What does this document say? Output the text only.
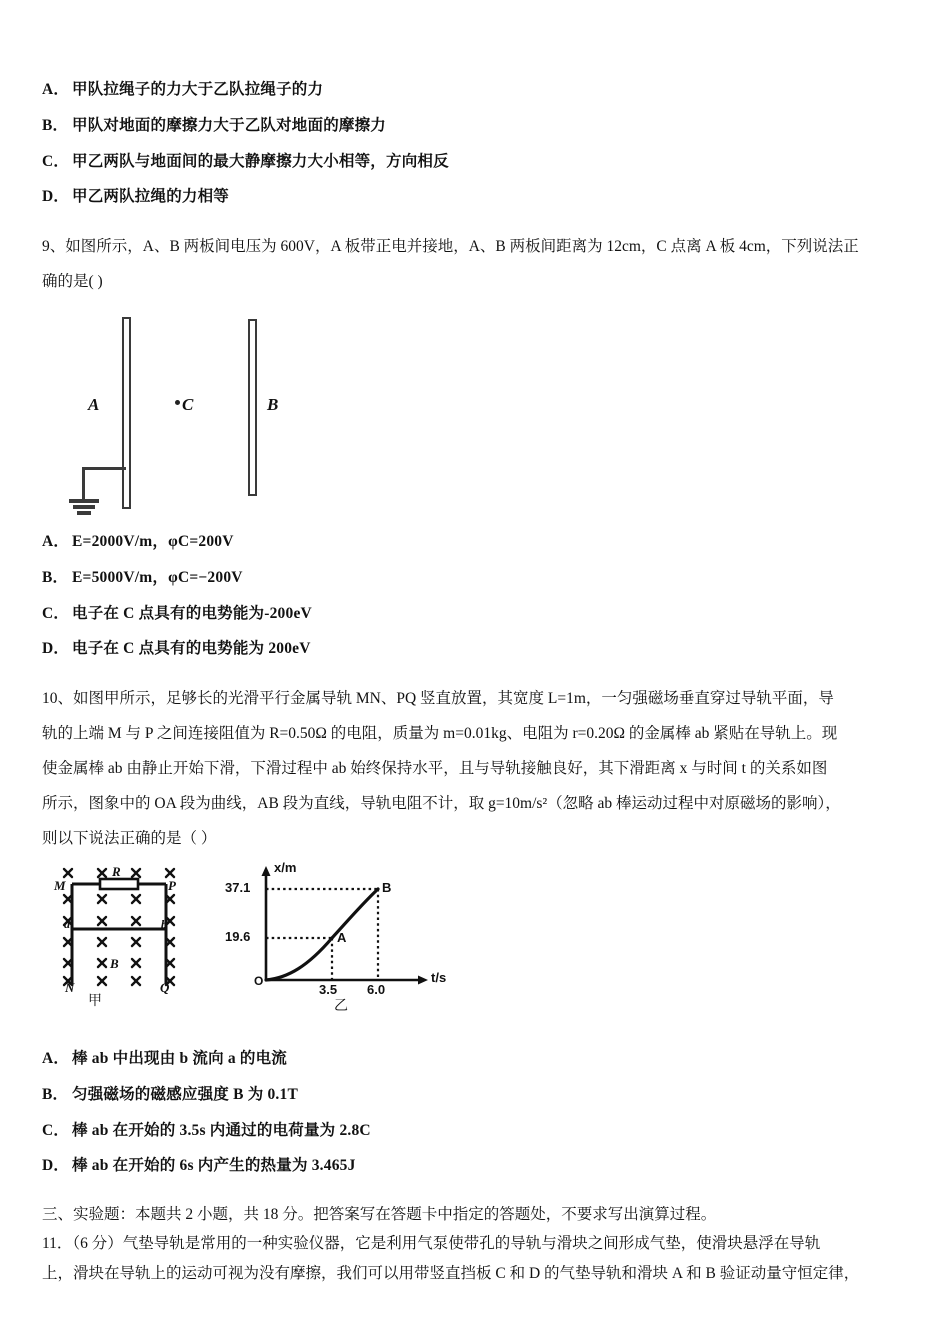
A． 甲队拉绳子的力大于乙队拉绳子的力
B． 甲队对地面的摩擦力大于乙队对地面的摩擦力
C． 甲乙两队与地面间的最大静摩擦力大小相等，方向相反
D． 甲乙两队拉绳的力相等
9、如图所示，A、B 两板间电压为 600V，A 板带正电并接地，A、B 两板间距离为 12cm，C 点离 A 板 4cm，下列说法正
确的是( )
A	B
C
A． E=2000V/m，φC=200V
B． E=5000V/m，φC=−200V
C． 电子在 C 点具有的电势能为-200eV
D． 电子在 C 点具有的电势能为 200eV
10、如图甲所示，足够长的光滑平行金属导轨 MN、PQ 竖直放置，其宽度 L=1m，一匀强磁场垂直穿过导轨平面，导
轨的上端 M 与 P 之间连接阻值为 R=0.50Ω 的电阻，质量为 m=0.01kg、电阻为 r=0.20Ω 的金属棒 ab 紧贴在导轨上。现
使金属棒 ab 由静止开始下滑，下滑过程中 ab 始终保持水平，且与导轨接触良好，其下滑距离 x 与时间 t 的关系如图
所示，图象中的 OA 段为曲线，AB 段为直线，导轨电阻不计，取 g=10m/s²（忽略 ab 棒运动过程中对原磁场的影响），
则以下说法正确的是（ ）
M	P
N	Q
R
a	b
B
甲
x/m
t/s
O
37.1
19.6
3.5 6.0
A
B
乙
A． 棒 ab 中出现由 b 流向 a 的电流
B． 匀强磁场的磁感应强度 B 为 0.1T
C． 棒 ab 在开始的 3.5s 内通过的电荷量为 2.8C
D． 棒 ab 在开始的 6s 内产生的热量为 3.465J
三、实验题：本题共 2 小题，共 18 分。把答案写在答题卡中指定的答题处，不要求写出演算过程。
11．（6 分）气垫导轨是常用的一种实验仪器，它是利用气泵使带孔的导轨与滑块之间形成气垫，使滑块悬浮在导轨
上，滑块在导轨上的运动可视为没有摩擦，我们可以用带竖直挡板 C 和 D 的气垫导轨和滑块 A 和 B 验证动量守恒定律，
